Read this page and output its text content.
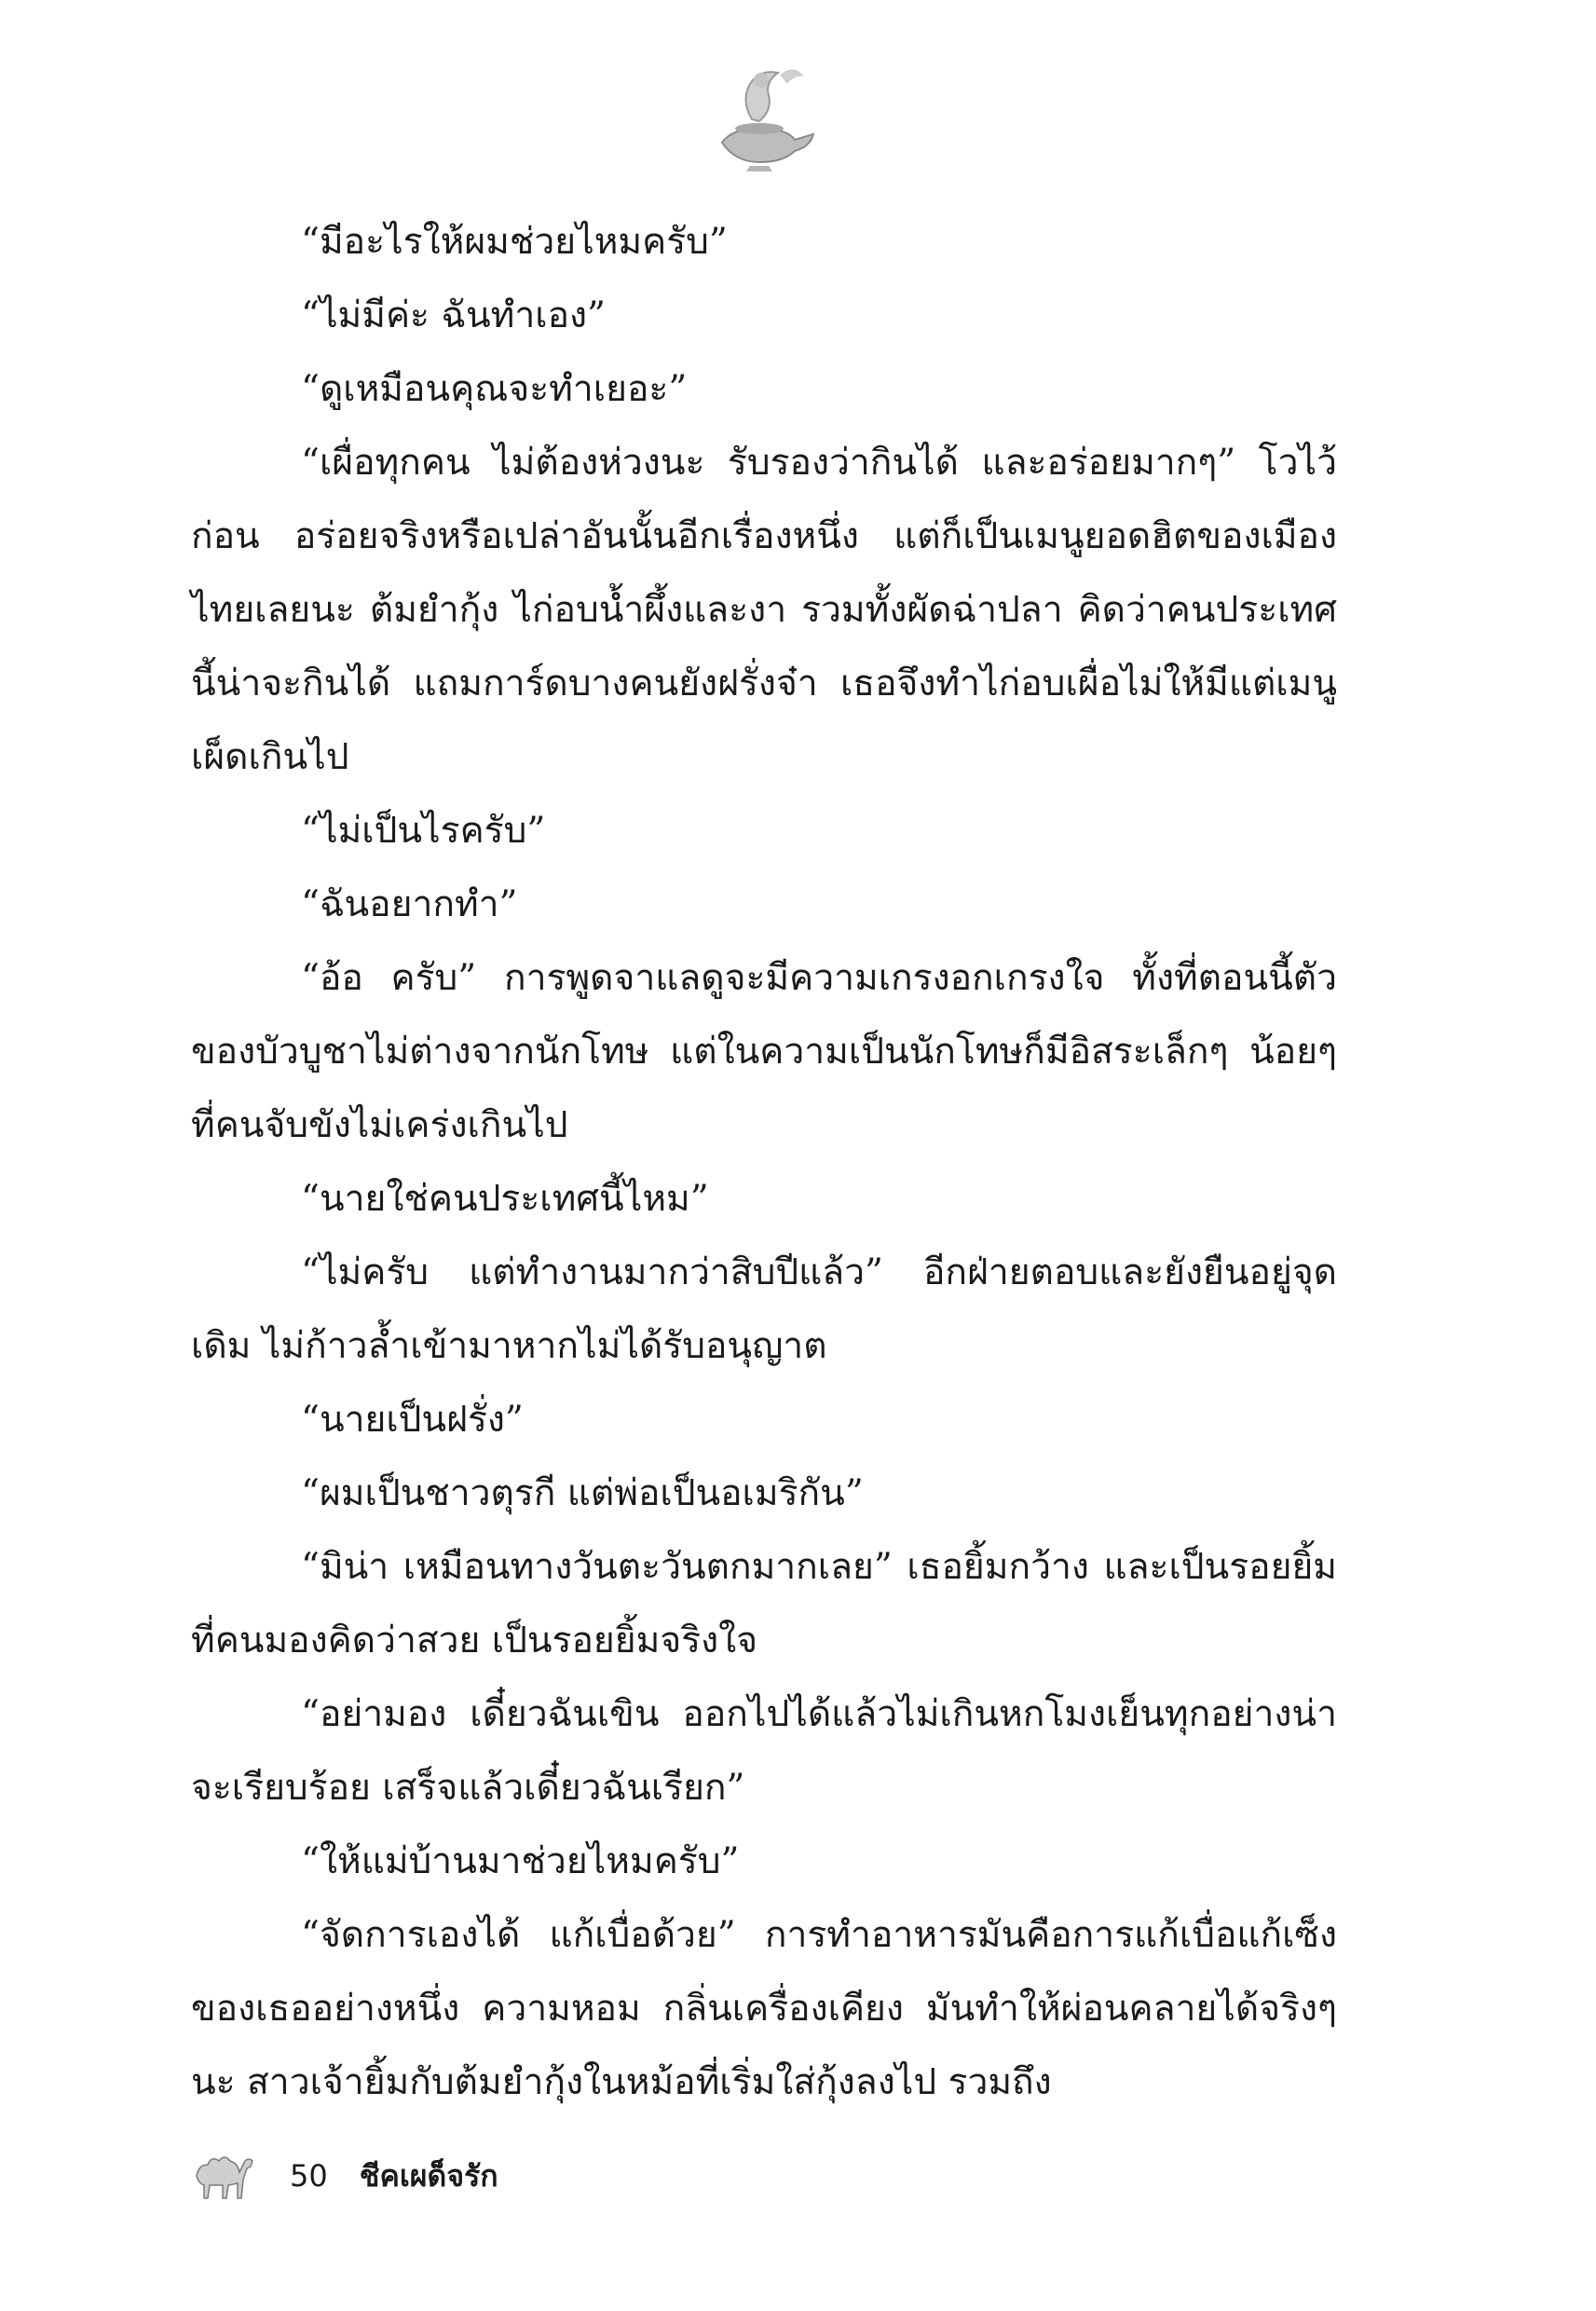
“มีอะไรให้ผมช่วยไหมครับ”

“ไม่มีค่ะ ฉันทำเอง”

“ดูเหมือนคุณจะทำเยอะ”

“เผื่อทุกคน ไม่ต้องห่วงนะ รับรองว่ากินได้ และอร่อยมากๆ” โวไว้ก่อน อร่อยจริงหรือเปล่าอันนั้นอีกเรื่องหนึ่ง แต่ก็เป็นเมนูยอดฮิตของเมืองไทยเลยนะ ต้มยำกุ้ง ไก่อบน้ำผึ้งและงา รวมทั้งผัดฉ่าปลา คิดว่าคนประเทศนี้น่าจะกินได้ แถมการ์ดบางคนยังฝรั่งจ๋า เธอจึงทำไก่อบเผื่อไม่ให้มีแต่เมนูเผ็ดเกินไป

“ไม่เป็นไรครับ”

“ฉันอยากทำ”

“อ้อ ครับ” การพูดจาแลดูจะมีความเกรงอกเกรงใจ ทั้งที่ตอนนี้ตัวของบัวบูชาไม่ต่างจากนักโทษ แต่ในความเป็นนักโทษก็มีอิสระเล็กๆ น้อยๆ ที่คนจับขังไม่เคร่งเกินไป

“นายใช่คนประเทศนี้ไหม”

“ไม่ครับ แต่ทำงานมากว่าสิบปีแล้ว” อีกฝ่ายตอบและยังยืนอยู่จุดเดิม ไม่ก้าวล้ำเข้ามาหากไม่ได้รับอนุญาต

“นายเป็นฝรั่ง”

“ผมเป็นชาวตุรกี แต่พ่อเป็นอเมริกัน”

“มิน่า เหมือนทางวันตะวันตกมากเลย” เธอยิ้มกว้าง และเป็นรอยยิ้มที่คนมองคิดว่าสวย เป็นรอยยิ้มจริงใจ

“อย่ามอง เดี๋ยวฉันเขิน ออกไปได้แล้วไม่เกินหกโมงเย็นทุกอย่างน่าจะเรียบร้อย เสร็จแล้วเดี๋ยวฉันเรียก”

“ให้แม่บ้านมาช่วยไหมครับ”

“จัดการเองได้ แก้เบื่อด้วย” การทำอาหารมันคือการแก้เบื่อแก้เซ็งของเธออย่างหนึ่ง ความหอม กลิ่นเครื่องเคียง มันทำให้ผ่อนคลายได้จริงๆ นะ สาวเจ้ายิ้มกับต้มยำกุ้งในหม้อที่เริ่มใส่กุ้งลงไป รวมถึง

50 ชีคเผด็จรัก
